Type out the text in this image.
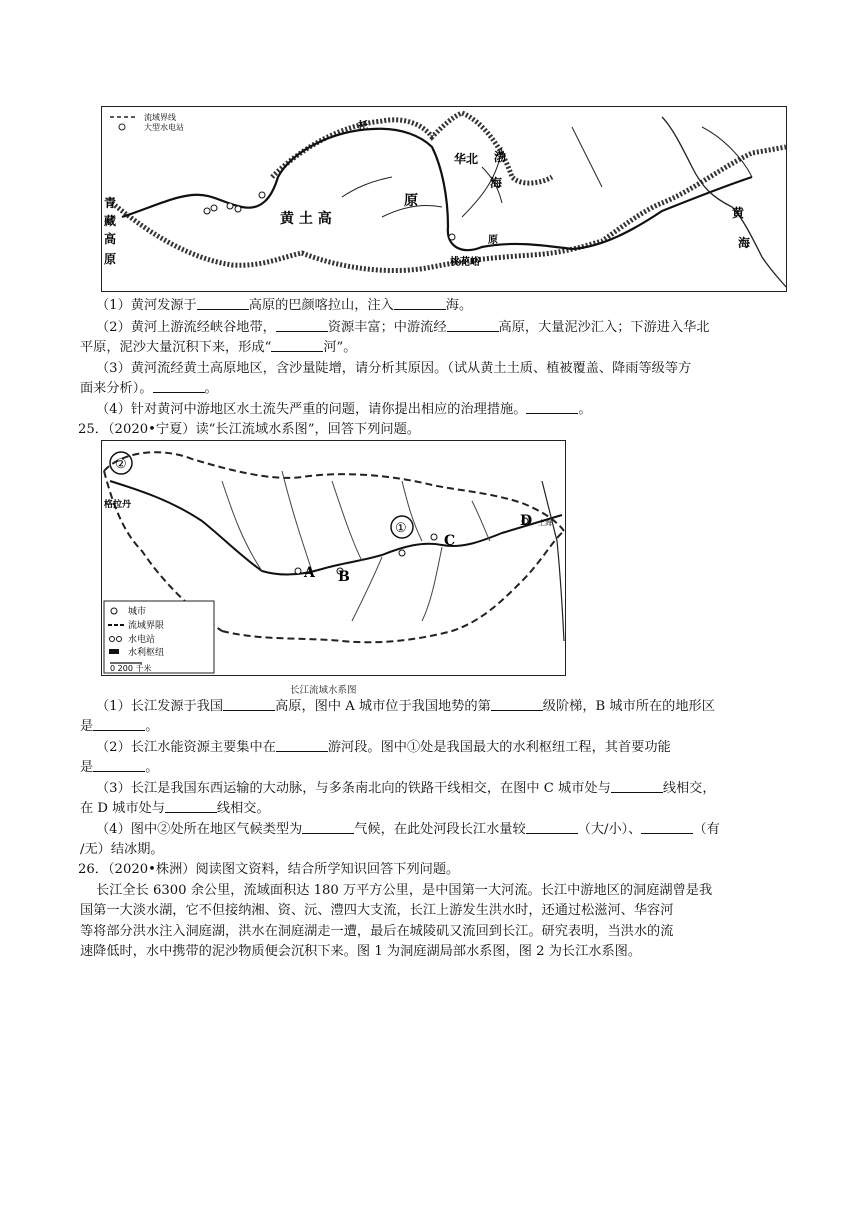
流域界线
大型水电站
青
藏
高
原
黄 土 高
原
华北 渤
海
黄
海
托
原
桃花峪
（1）黄河发源于	高原的巴颜喀拉山，注入	海。
（2）黄河上游流经峡谷地带，	资源丰富；中游流经	高原，大量泥沙汇入；下游进入华北
平原，泥沙大量沉积下来，形成“	河”。
（3）黄河流经黄土高原地区，含沙量陡增，请分析其原因。（试从黄土土质、植被覆盖、降雨等级等方
面来分析）。	。
（4）针对黄河中游地区水土流失严重的问题，请你提出相应的治理措施。	。
25．（2020•宁夏）读“长江流域水系图”，回答下列问题。
②
①
A B
C
D
格拉丹
上海
城市
流域界限
水电站
水利枢纽
0 200 千米
长江流域水系图
（1）长江发源于我国	高原，图中 A 城市位于我国地势的第	级阶梯，B 城市所在的地形区
是	。
（2）长江水能资源主要集中在	游河段。图中①处是我国最大的水利枢纽工程，其首要功能
是	。
（3）长江是我国东西运输的大动脉，与多条南北向的铁路干线相交，在图中 C 城市处与	线相交，
在 D 城市处与	线相交。
（4）图中②处所在地区气候类型为	气候，在此处河段长江水量较	（大/小）、	（有
/无）结冰期。
26．（2020•株洲）阅读图文资料，结合所学知识回答下列问题。
长江全长 6300 余公里，流域面积达 180 万平方公里，是中国第一大河流。长江中游地区的洞庭湖曾是我
国第一大淡水湖，它不但接纳湘、资、沅、澧四大支流，长江上游发生洪水时，还通过松滋河、华容河
等将部分洪水注入洞庭湖，洪水在洞庭湖走一遭，最后在城陵矶又流回到长江。研究表明，当洪水的流
速降低时，水中携带的泥沙物质便会沉积下来。图 1 为洞庭湖局部水系图，图 2 为长江水系图。
